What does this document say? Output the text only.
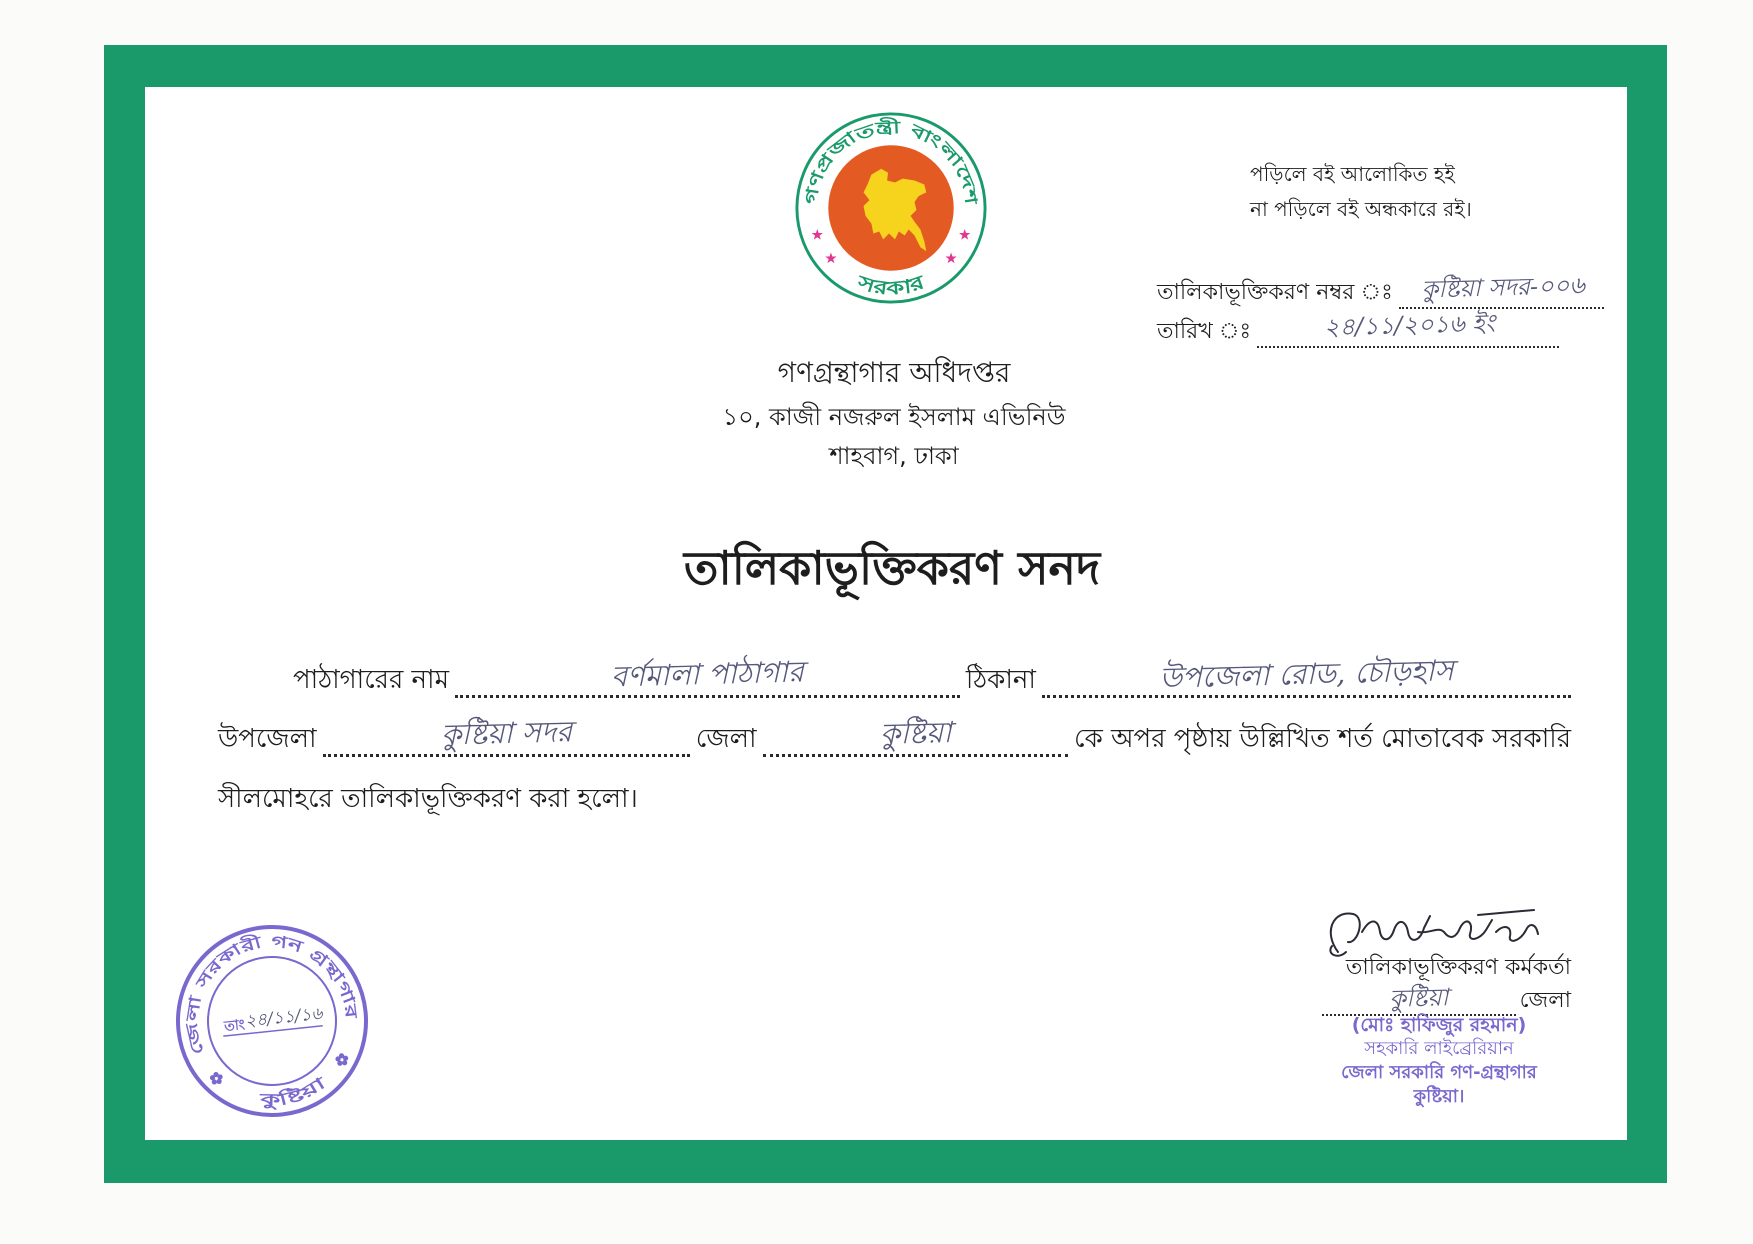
গণপ্রজাতন্ত্রী বাংলাদেশ
সরকার
পড়িলে বই আলোকিত হই
না পড়িলে বই অন্ধকারে রই।
তালিকাভূক্তিকরণ নম্বর ঃ	কুষ্টিয়া সদর-০০৬
তারিখ ঃ	২৪/১১/২০১৬ ইং
গণগ্রন্থাগার অধিদপ্তর
১০, কাজী নজরুল ইসলাম এভিনিউ
শাহবাগ, ঢাকা
তালিকাভূক্তিকরণ সনদ
পাঠাগারের নাম	বর্ণমালা পাঠাগার	ঠিকানা	উপজেলা রোড, চৌড়হাস
উপজেলা	কুষ্টিয়া সদর	জেলা	কুষ্টিয়া	কে অপর পৃষ্ঠায় উল্লিখিত শর্ত মোতাবেক সরকারি
সীলমোহরে তালিকাভূক্তিকরণ করা হলো।
জেলা সরকারী গন গ্রন্থাগার
কুষ্টিয়া
তাং
২৪/১১/১৬
তালিকাভূক্তিকরণ কর্মকর্তা
কুষ্টিয়া	জেলা
(মোঃ হাফিজুর রহমান)
সহকারি লাইব্রেরিয়ান
জেলা সরকারি গণ-গ্রন্থাগার
কুষ্টিয়া।
